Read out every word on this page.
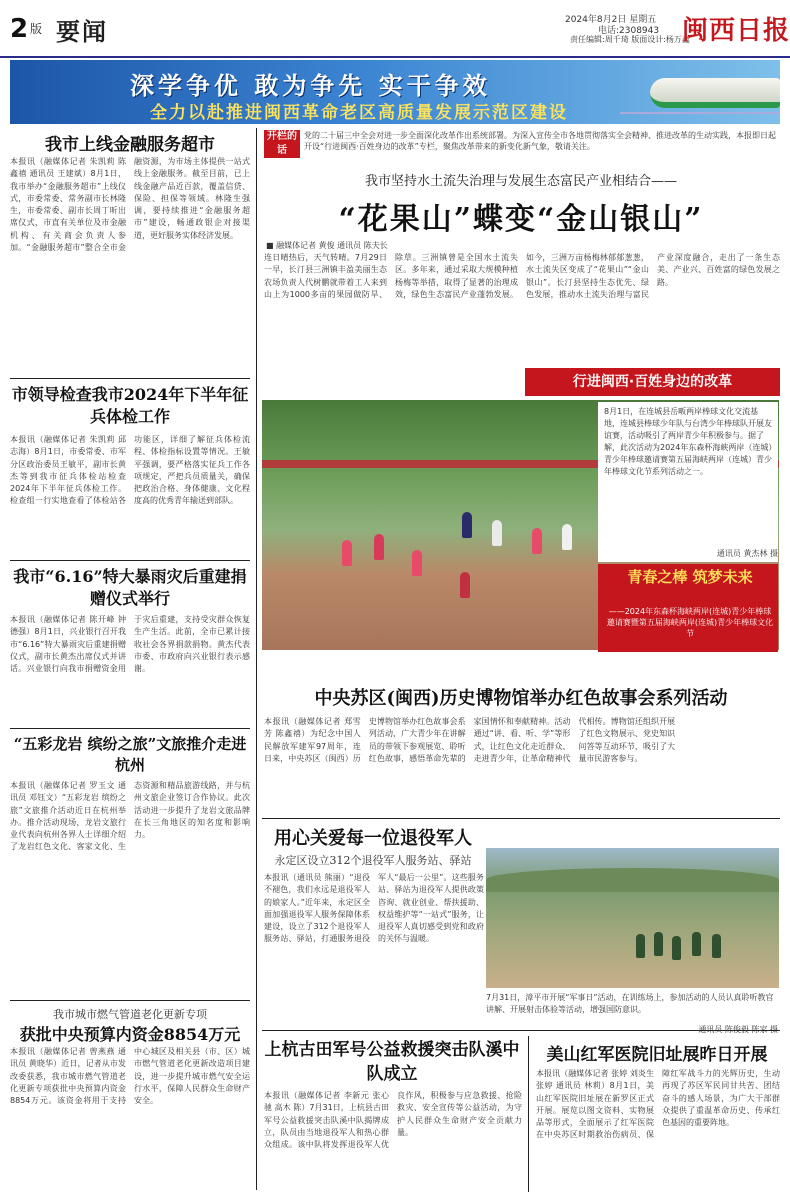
2 版 要闻	2024年8月2日 星期五
电话:2308943
责任编辑:周千琦 版面设计:杨万鑫
闽西日报
深学争优 敢为争先 实干争效
全力以赴推进闽西革命老区高质量发展示范区建设
我市上线金融服务超市
本报讯（融媒体记者 朱凯莉 陈鑫禧 通讯员 王建斌）8月1日，我市举办“金融服务超市”上线仪式，市委常委、常务副市长林隆生，市委常委、副市长周丁昕出席仪式，市直有关单位及市金融机构、有关商会负责人参加。“金融服务超市”整合全市金融资源，为市场主体提供一站式线上金融服务。截至目前，已上线金融产品近百款，覆盖信贷、保险、担保等领域。林隆生强调，要持续推进“金融服务超市”建设，畅通政银企对接渠道，更好服务实体经济发展。
市领导检查我市2024年下半年征兵体检工作
本报讯（融媒体记者 朱凯莉 邱志海）8月1日，市委常委、市军分区政治委员王敏平，副市长黄杰等到我市征兵体检站检查2024年下半年征兵体检工作。检查组一行实地查看了体检站各功能区，详细了解征兵体检流程、体检指标设置等情况。王敏平强调，要严格落实征兵工作各项规定，严把兵员质量关，确保把政治合格、身体健康、文化程度高的优秀青年输送到部队。
我市“6.16”特大暴雨灾后重建捐赠仪式举行
本报讯（融媒体记者 陈开峰 钟德强）8月1日，兴业银行召开我市“6.16”特大暴雨灾后重建捐赠仪式，副市长黄杰出席仪式并讲话。兴业银行向我市捐赠资金用于灾后重建，支持受灾群众恢复生产生活。此前，全市已累计接收社会各界捐款捐物。黄杰代表市委、市政府向兴业银行表示感谢。
“五彩龙岩 缤纷之旅”文旅推介走进杭州
本报讯（融媒体记者 罗玉文 通讯员 邓钰文）“五彩龙岩 缤纷之旅”文旅推介活动近日在杭州举办。推介活动现场，龙岩文旅行业代表向杭州各界人士详细介绍了龙岩红色文化、客家文化、生态资源和精品旅游线路，并与杭州文旅企业签订合作协议。此次活动进一步提升了龙岩文旅品牌在长三角地区的知名度和影响力。
我市城市燃气管道老化更新专项
获批中央预算内资金8854万元
本报讯（融媒体记者 曾燕燕 通讯员 黄晓华）近日，记者从市发改委获悉，我市城市燃气管道老化更新专项获批中央预算内资金8854万元。该资金将用于支持中心城区及相关县（市、区）城市燃气管道老化更新改造项目建设，进一步提升城市燃气安全运行水平，保障人民群众生命财产安全。
开栏的话
党的二十届三中全会对进一步全面深化改革作出系统部署。为深入宣传全市各地贯彻落实全会精神、推进改革的生动实践，本报即日起开设“行进闽西·百姓身边的改革”专栏，聚焦改革带来的新变化新气象，敬请关注。
我市坚持水土流失治理与发展生态富民产业相结合——
“花果山”蝶变“金山银山”
■ 融媒体记者 黄俊 通讯员 陈夫长
连日晴热后，天气转晴。7月29日一早，长汀县三洲镇丰盈美丽生态农场负责人代树鹏就带着工人来到山上为1000多亩的果园做防旱、除草。三洲镇曾是全国水土流失区。多年来，通过采取大规模种植杨梅等举措，取得了显著的治理成效，绿色生态富民产业蓬勃发展。如今，三洲万亩杨梅林郁郁葱葱，水土流失区变成了“花果山”“金山银山”。长汀县坚持生态优先、绿色发展，推动水土流失治理与富民产业深度融合，走出了一条生态美、产业兴、百姓富的绿色发展之路。
行进闽西·百姓身边的改革
8月1日，在连城县岳畈两岸棒球文化交流基地，连城县棒球少年队与台湾少年棒球队开展友谊赛，活动吸引了两岸青少年积极参与。据了解，此次活动为2024年东森杯海峡两岸（连城）青少年棒球邀请赛第五届海峡两岸（连城）青少年棒球文化节系列活动之一。
通讯员 黄杰林 摄
青春之棒 筑梦未来
——2024年东森杯海峡两岸(连城)青少年棒球邀请赛暨第五届海峡两岸(连城)青少年棒球文化节
中央苏区(闽西)历史博物馆举办红色故事会系列活动
本报讯（融媒体记者 郑雪芳 陈鑫禧）为纪念中国人民解放军建军97周年，连日来，中央苏区（闽西）历史博物馆举办红色故事会系列活动，广大青少年在讲解员的带领下参观展览、聆听红色故事，感悟革命先辈的家国情怀和奉献精神。活动通过“讲、看、听、学”等形式，让红色文化走近群众、走进青少年，让革命精神代代相传。博物馆还组织开展了红色文物展示、党史知识问答等互动环节，吸引了大量市民游客参与。
用心关爱每一位退役军人
永定区设立312个退役军人服务站、驿站
本报讯（通讯员 熊丽）“退役不褪色，我们永远是退役军人的娘家人。”近年来，永定区全面加强退役军人服务保障体系建设，设立了312个退役军人服务站、驿站，打通服务退役军人“最后一公里”。这些服务站、驿站为退役军人提供政策咨询、就业创业、帮扶援助、权益维护等“一站式”服务，让退役军人真切感受到党和政府的关怀与温暖。
7月31日，漳平市开展“军事日”活动，在训练场上，参加活动的人员认真聆听教官讲解、开展射击体验等活动，增强国防意识。
上杭古田军号公益救援突击队溪中队成立
本报讯（融媒体记者 李新元 张心驰 高木 陈）7月31日，上杭县古田军号公益救援突击队溪中队揭牌成立，队员由当地退役军人和热心群众组成。该中队将发挥退役军人优良作风，积极参与应急救援、抢险救灾、安全宣传等公益活动，为守护人民群众生命财产安全贡献力量。
美山红军医院旧址展昨日开展
本报讯（融媒体记者 张婷 刘炎生 张婷 通讯员 林莉）8月1日，美山红军医院旧址展在新罗区正式开展。展览以图文资料、实物展品等形式，全面展示了红军医院在中央苏区时期救治伤病员、保障红军战斗力的光辉历史，生动再现了苏区军民同甘共苦、团结奋斗的感人场景，为广大干部群众提供了重温革命历史、传承红色基因的重要阵地。
